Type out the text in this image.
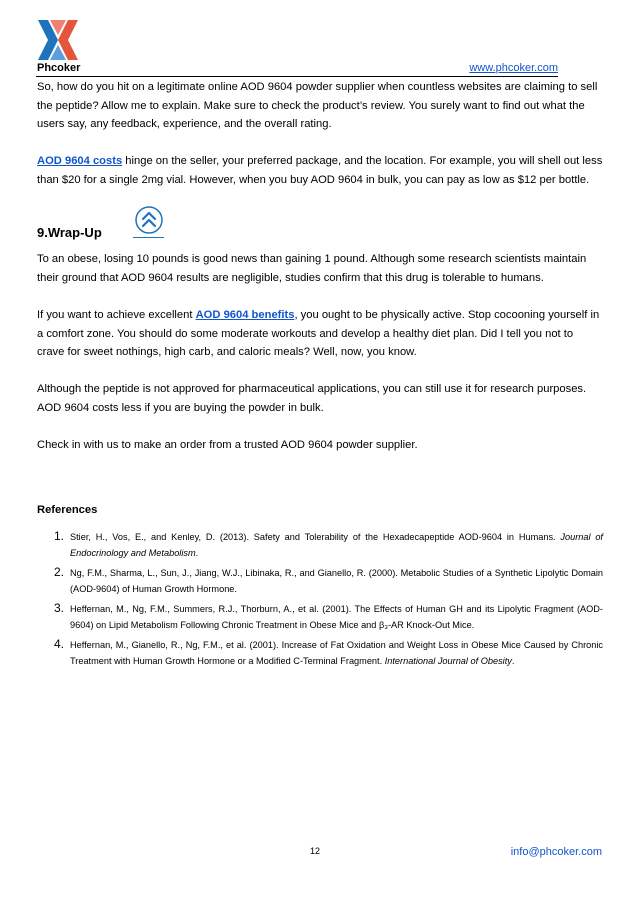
Phcoker	www.phcoker.com

So, how do you hit on a legitimate online AOD 9604 powder supplier when countless websites are claiming to sell the peptide? Allow me to explain. Make sure to check the product’s review. You surely want to find out what the users say, any feedback, experience, and the overall rating.

AOD 9604 costs hinge on the seller, your preferred package, and the location. For example, you will shell out less than $20 for a single 2mg vial. However, when you buy AOD 9604 in bulk, you can pay as low as $12 per bottle.

9.Wrap-Up

To an obese, losing 10 pounds is good news than gaining 1 pound. Although some research scientists maintain their ground that AOD 9604 results are negligible, studies confirm that this drug is tolerable to humans.

If you want to achieve excellent AOD 9604 benefits, you ought to be physically active. Stop cocooning yourself in a comfort zone. You should do some moderate workouts and develop a healthy diet plan. Did I tell you not to crave for sweet nothings, high carb, and caloric meals? Well, now, you know.

Although the peptide is not approved for pharmaceutical applications, you can still use it for research purposes. AOD 9604 costs less if you are buying the powder in bulk.

Check in with us to make an order from a trusted AOD 9604 powder supplier.

References
1. Stier, H., Vos, E., and Kenley, D. (2013). Safety and Tolerability of the Hexadecapeptide AOD-9604 in Humans. Journal of Endocrinology and Metabolism.
2. Ng, F.M., Sharma, L., Sun, J., Jiang, W.J., Libinaka, R., and Gianello, R. (2000). Metabolic Studies of a Synthetic Lipolytic Domain (AOD-9604) of Human Growth Hormone.
3. Heffernan, M., Ng, F.M., Summers, R.J., Thorburn, A., et al. (2001). The Effects of Human GH and its Lipolytic Fragment (AOD-9604) on Lipid Metabolism Following Chronic Treatment in Obese Mice and β₃-AR Knock-Out Mice.
4. Heffernan, M., Gianello, R., Ng, F.M., et al. (2001). Increase of Fat Oxidation and Weight Loss in Obese Mice Caused by Chronic Treatment with Human Growth Hormone or a Modified C-Terminal Fragment. International Journal of Obesity.
12	info@phcoker.com
